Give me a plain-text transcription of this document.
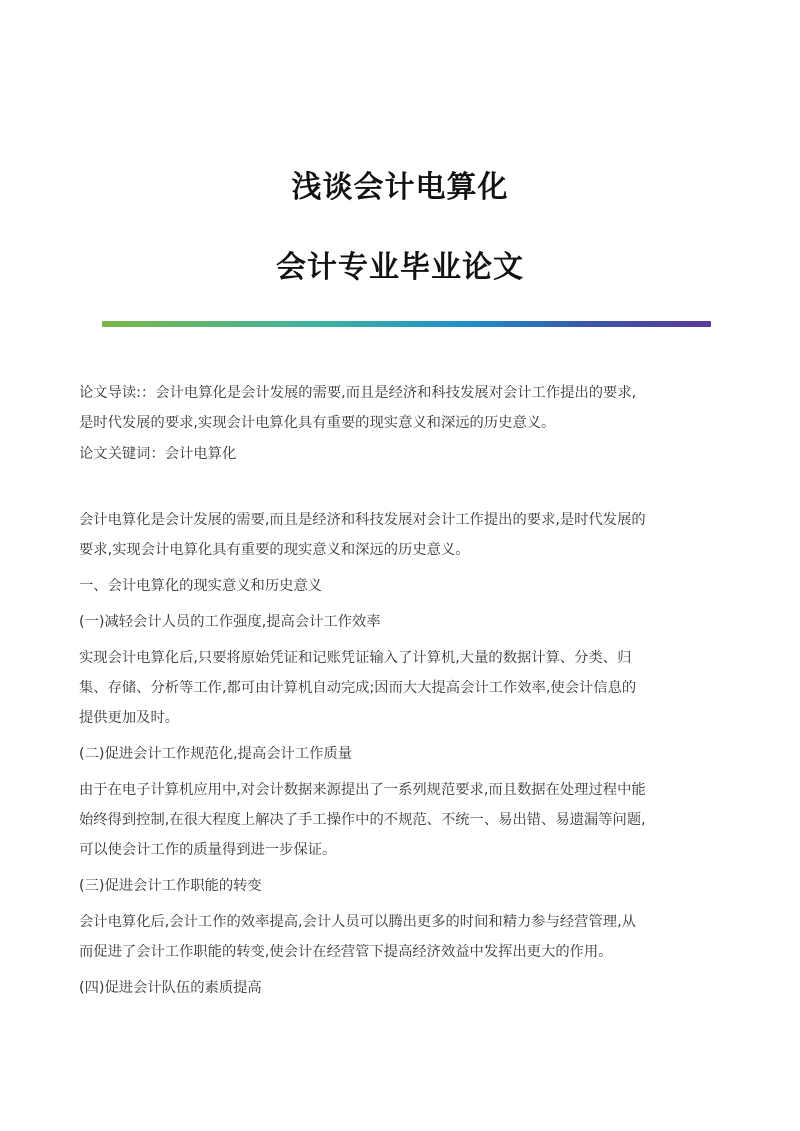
浅谈会计电算化
会计专业毕业论文
论文导读:：会计电算化是会计发展的需要,而且是经济和科技发展对会计工作提出的要求,
是时代发展的要求,实现会计电算化具有重要的现实意义和深远的历史意义。
论文关键词：会计电算化
会计电算化是会计发展的需要,而且是经济和科技发展对会计工作提出的要求,是时代发展的
要求,实现会计电算化具有重要的现实意义和深远的历史意义。
一、会计电算化的现实意义和历史意义
(一)减轻会计人员的工作强度,提高会计工作效率
实现会计电算化后,只要将原始凭证和记账凭证输入了计算机,大量的数据计算、分类、归
集、存储、分析等工作,都可由计算机自动完成;因而大大提高会计工作效率,使会计信息的
提供更加及时。
(二)促进会计工作规范化,提高会计工作质量
由于在电子计算机应用中,对会计数据来源提出了一系列规范要求,而且数据在处理过程中能
始终得到控制,在很大程度上解决了手工操作中的不规范、不统一、易出错、易遗漏等问题,
可以使会计工作的质量得到进一步保证。
(三)促进会计工作职能的转变
会计电算化后,会计工作的效率提高,会计人员可以腾出更多的时间和精力参与经营管理,从
而促进了会计工作职能的转变,使会计在经营管下提高经济效益中发挥出更大的作用。
(四)促进会计队伍的素质提高
